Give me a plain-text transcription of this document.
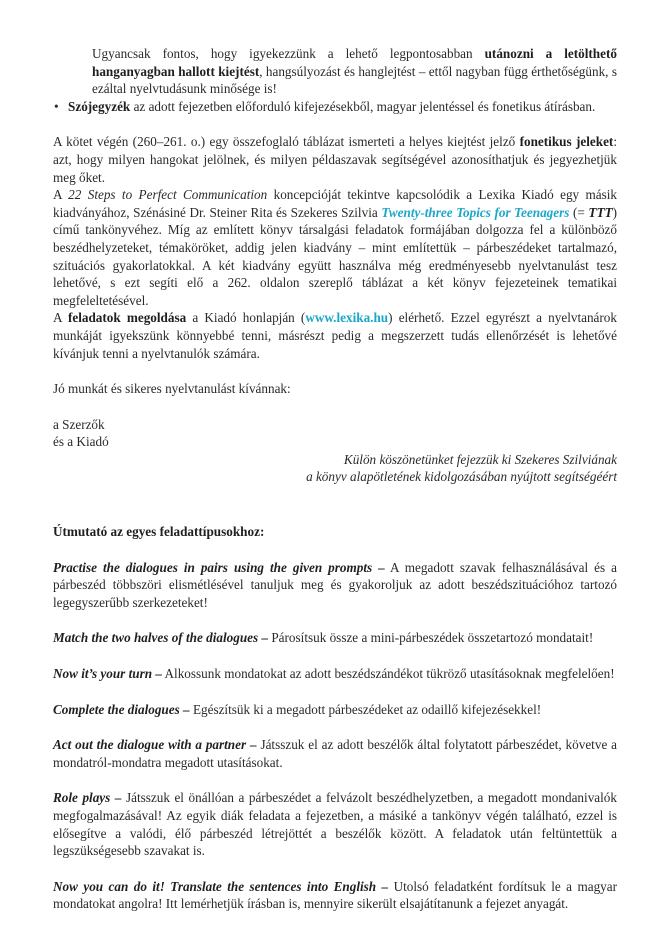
Ugyancsak fontos, hogy igyekezzünk a lehető legpontosabban utánozni a letölthető hanganyagban hallott kiejtést, hangsúlyozást és hanglejtést – ettől nagyban függ érthetőségünk, s ezáltal nyelvtudásunk minősége is!

• Szójegyzék az adott fejezetben előforduló kifejezésekből, magyar jelentéssel és fonetikus átírásban.

A kötet végén (260–261. o.) egy összefoglaló táblázat ismerteti a helyes kiejtést jelző fonetikus jeleket: azt, hogy milyen hangokat jelölnek, és milyen példaszavak segítségével azonosíthatjuk és jegyezhetjük meg őket.
A 22 Steps to Perfect Communication koncepcióját tekintve kapcsolódik a Lexika Kiadó egy másik kiadványához, Szénásiné Dr. Steiner Rita és Szekeres Szilvia Twenty-three Topics for Teenagers (= TTT) című tankönyvéhez. Míg az említett könyv társalgási feladatok formájában dolgozza fel a különböző beszédhelyzeteket, témaköröket, addig jelen kiadvány – mint említettük – párbeszédeket tartalmazó, szituációs gyakorlatokkal. A két kiadvány együtt használva még eredményesebb nyelvtanulást tesz lehetővé, s ezt segíti elő a 262. oldalon szereplő táblázat a két könyv fejezeteinek tematikai megfeleltetésével.

A feladatok megoldása a Kiadó honlapján (www.lexika.hu) elérhető. Ezzel egyrészt a nyelvtanárok munkáját igyekszünk könnyebbé tenni, másrészt pedig a megszerzett tudás ellenőrzését is lehetővé kívánjuk tenni a nyelvtanulók számára.

Jó munkát és sikeres nyelvtanulást kívánnak:

a Szerzők

és a Kiadó

Külön köszönetünket fejezzük ki Szekeres Szilviának

a könyv alapötletének kidolgozásában nyújtott segítségéért

Útmutató az egyes feladattípusokhoz:

Practise the dialogues in pairs using the given prompts – A megadott szavak felhasználásával és a párbeszéd többszöri elismétlésével tanuljuk meg és gyakoroljuk az adott beszédszituációhoz tartozó legegyszerűbb szerkezeteket!

Match the two halves of the dialogues – Párosítsuk össze a mini-párbeszédek összetartozó mondatait!

Now it’s your turn – Alkossunk mondatokat az adott beszédszándékot tükröző utasításoknak megfelelően!

Complete the dialogues – Egészítsük ki a megadott párbeszédeket az odaillő kifejezésekkel!

Act out the dialogue with a partner – Játsszuk el az adott beszélők által folytatott párbeszédet, követve a mondatról-mondatra megadott utasításokat.

Role plays – Játsszuk el önállóan a párbeszédet a felvázolt beszédhelyzetben, a megadott mondanivalók megfogalmazásával! Az egyik diák feladata a fejezetben, a másiké a tankönyv végén található, ezzel is elősegítve a valódi, élő párbeszéd létrejöttét a beszélők között. A feladatok után feltüntettük a legszükségesebb szavakat is.

Now you can do it! Translate the sentences into English – Utolsó feladatként fordítsuk le a magyar mondatokat angolra! Itt lemérhetjük írásban is, mennyire sikerült elsajátítanunk a fejezet anyagát.
